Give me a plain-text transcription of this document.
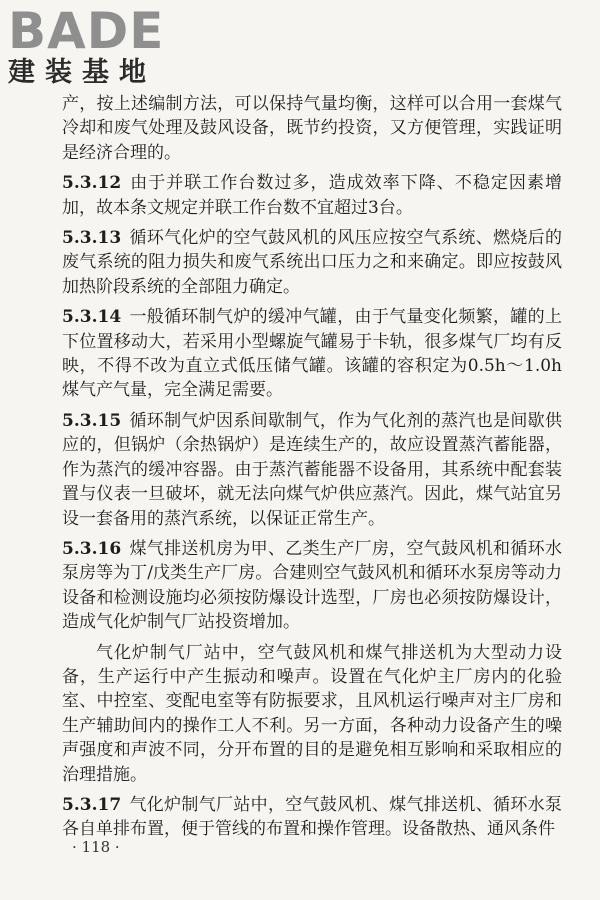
BADE
建装基地

产，按上述编制方法，可以保持气量均衡，这样可以合用一套煤气冷却和废气处理及鼓风设备，既节约投资，又方便管理，实践证明是经济合理的。

5.3.12 由于并联工作台数过多，造成效率下降、不稳定因素增加，故本条文规定并联工作台数不宜超过3台。

5.3.13 循环气化炉的空气鼓风机的风压应按空气系统、燃烧后的废气系统的阻力损失和废气系统出口压力之和来确定。即应按鼓风加热阶段系统的全部阻力确定。

5.3.14 一般循环制气炉的缓冲气罐，由于气量变化频繁，罐的上下位置移动大，若采用小型螺旋气罐易于卡轨，很多煤气厂均有反映，不得不改为直立式低压储气罐。该罐的容积定为0.5h～1.0h煤气产气量，完全满足需要。

5.3.15 循环制气炉因系间歇制气，作为气化剂的蒸汽也是间歇供应的，但锅炉（余热锅炉）是连续生产的，故应设置蒸汽蓄能器，作为蒸汽的缓冲容器。由于蒸汽蓄能器不设备用，其系统中配套装置与仪表一旦破坏，就无法向煤气炉供应蒸汽。因此，煤气站宜另设一套备用的蒸汽系统，以保证正常生产。

5.3.16 煤气排送机房为甲、乙类生产厂房，空气鼓风机和循环水泵房等为丁/戊类生产厂房。合建则空气鼓风机和循环水泵房等动力设备和检测设施均必须按防爆设计选型，厂房也必须按防爆设计，造成气化炉制气厂站投资增加。

气化炉制气厂站中，空气鼓风机和煤气排送机为大型动力设备，生产运行中产生振动和噪声。设置在气化炉主厂房内的化验室、中控室、变配电室等有防振要求，且风机运行噪声对主厂房和生产辅助间内的操作工人不利。另一方面，各种动力设备产生的噪声强度和声波不同，分开布置的目的是避免相互影响和采取相应的治理措施。

5.3.17 气化炉制气厂站中，空气鼓风机、煤气排送机、循环水泵各自单排布置，便于管线的布置和操作管理。设备散热、通风条件

· 118 ·
